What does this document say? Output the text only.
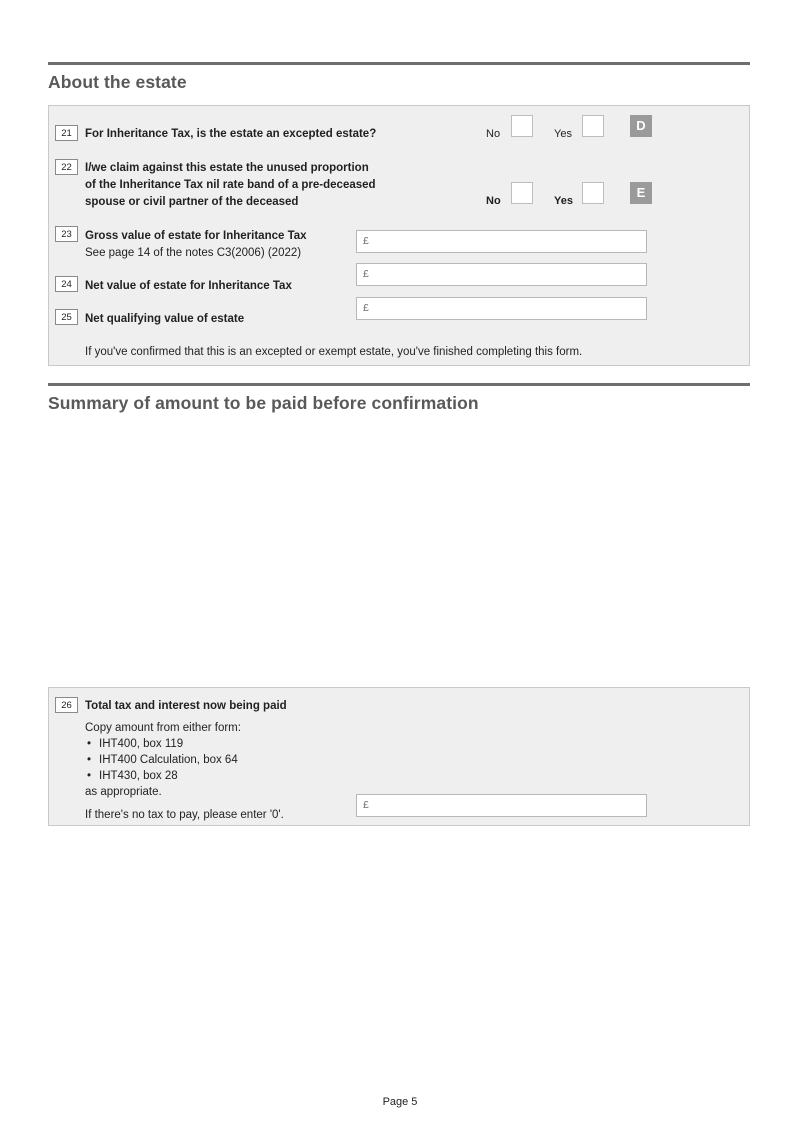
About the estate
21	For Inheritance Tax, is the estate an excepted estate?	No	Yes
D
22	I/we claim against this estate the unused proportion
of the Inheritance Tax nil rate band of a pre-deceased
spouse or civil partner of the deceased	No	Yes
E
23	Gross value of estate for Inheritance Tax
See page 14 of the notes C3(2006) (2022)
£
24	Net value of estate for Inheritance Tax
£
25	Net qualifying value of estate
£
If you've confirmed that this is an excepted or exempt estate, you've finished completing this form.
Summary of amount to be paid before confirmation
26	Total tax and interest now being paid
Copy amount from either form:
• IHT400, box 119
• IHT400 Calculation, box 64
• IHT430, box 28
as appropriate.
If there's no tax to pay, please enter '0'.
£
Page 5
